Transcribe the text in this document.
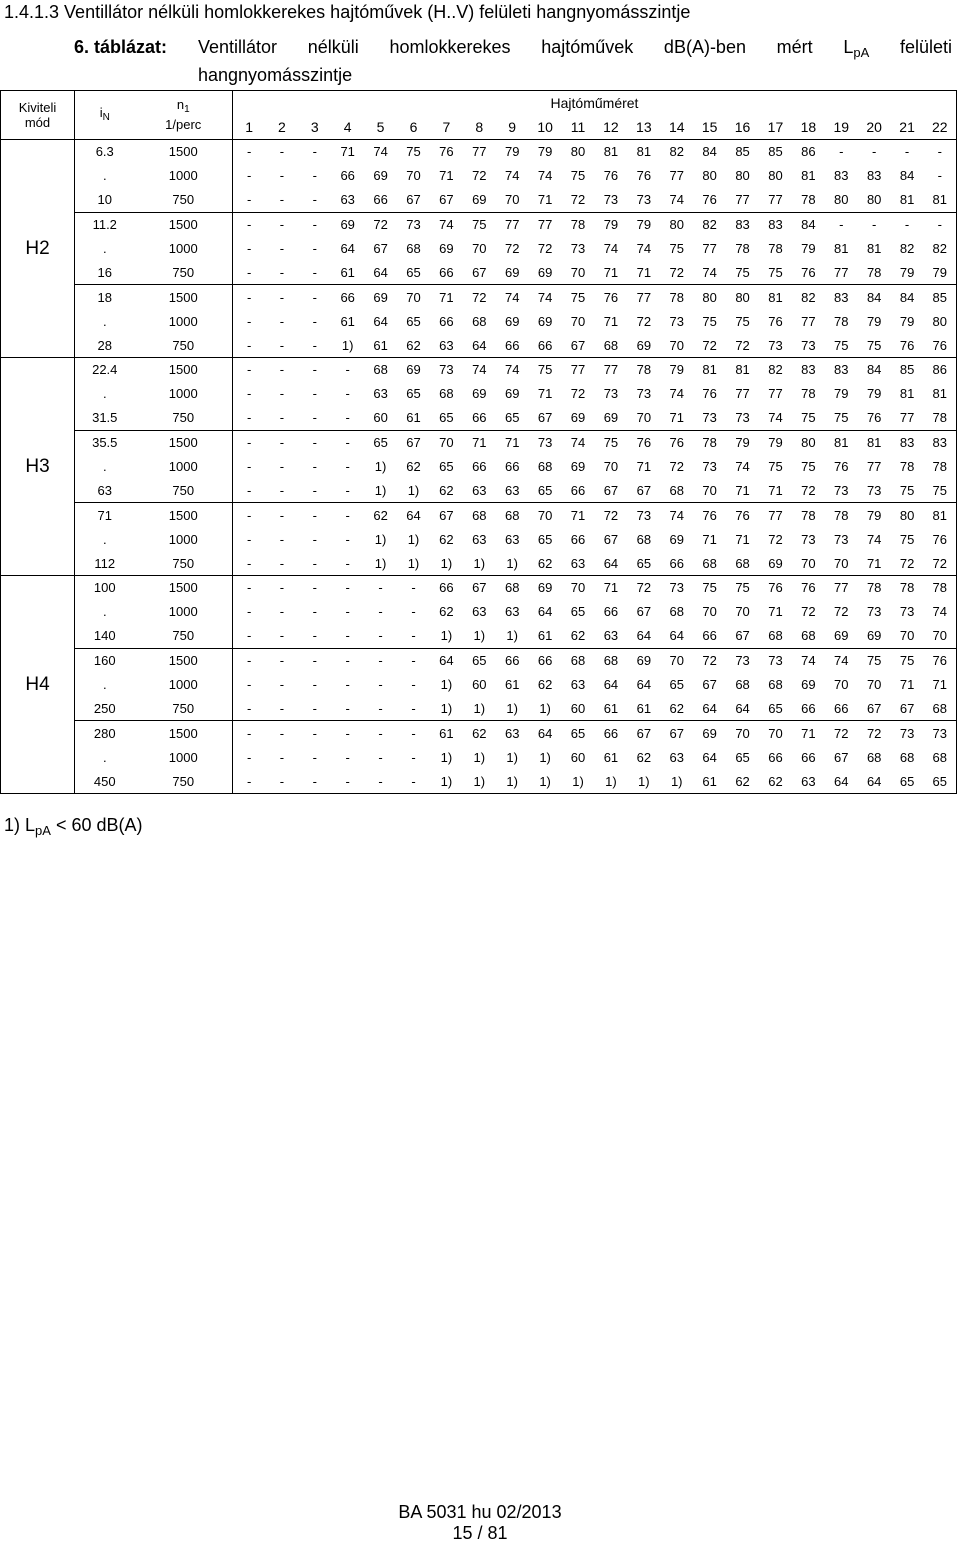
1.4.1.3 Ventillátor nélküli homlokkerekes hajtóművek (H..V) felületi hangnyomásszintje
6. táblázat: Ventillátor nélküli homlokkerekes hajtóművek dB(A)-ben mért $L_{pA}$ felületi
hangnyomásszintje
Kiviteli mód	$i_N$	$n_1$
1/perc	Hajtóműméret																					
			1	2	3	4	5	6	7	8	9	10	11	12	13	14	15	16	17	18	19	20	21	22
H2	6.3	1500	-	-	-	71	74	75	76	77	79	79	80	81	81	82	84	85	85	86	-	-	-	-
	.	1000	-	-	-	66	69	70	71	72	74	74	75	76	76	77	80	80	80	81	83	83	84	-
	10	750	-	-	-	63	66	67	67	69	70	71	72	73	73	74	76	77	77	78	80	80	81	81
	11.2	1500	-	-	-	69	72	73	74	75	77	77	78	79	79	80	82	83	83	84	-	-	-	-
	.	1000	-	-	-	64	67	68	69	70	72	72	73	74	74	75	77	78	78	79	81	81	82	82
	16	750	-	-	-	61	64	65	66	67	69	69	70	71	71	72	74	75	75	76	77	78	79	79
	18	1500	-	-	-	66	69	70	71	72	74	74	75	76	77	78	80	80	81	82	83	84	84	85
	.	1000	-	-	-	61	64	65	66	68	69	69	70	71	72	73	75	75	76	77	78	79	79	80
	28	750	-	-	-	1)	61	62	63	64	66	66	67	68	69	70	72	72	73	73	75	75	76	76
H3	22.4	1500	-	-	-	-	68	69	73	74	74	75	77	77	78	79	81	81	82	83	83	84	85	86
	.	1000	-	-	-	-	63	65	68	69	69	71	72	73	73	74	76	77	77	78	79	79	81	81
	31.5	750	-	-	-	-	60	61	65	66	65	67	69	69	70	71	73	73	74	75	75	76	77	78
	35.5	1500	-	-	-	-	65	67	70	71	71	73	74	75	76	76	78	79	79	80	81	81	83	83
	.	1000	-	-	-	-	1)	62	65	66	66	68	69	70	71	72	73	74	75	75	76	77	78	78
	63	750	-	-	-	-	1)	1)	62	63	63	65	66	67	67	68	70	71	71	72	73	73	75	75
	71	1500	-	-	-	-	62	64	67	68	68	70	71	72	73	74	76	76	77	78	78	79	80	81
	.	1000	-	-	-	-	1)	1)	62	63	63	65	66	67	68	69	71	71	72	73	73	74	75	76
	112	750	-	-	-	-	1)	1)	1)	1)	1)	62	63	64	65	66	68	68	69	70	70	71	72	72
H4	100	1500	-	-	-	-	-	-	66	67	68	69	70	71	72	73	75	75	76	76	77	78	78	78
	.	1000	-	-	-	-	-	-	62	63	63	64	65	66	67	68	70	70	71	72	72	73	73	74
	140	750	-	-	-	-	-	-	1)	1)	1)	61	62	63	64	64	66	67	68	68	69	69	70	70
	160	1500	-	-	-	-	-	-	64	65	66	66	68	68	69	70	72	73	73	74	74	75	75	76
	.	1000	-	-	-	-	-	-	1)	60	61	62	63	64	64	65	67	68	68	69	70	70	71	71
	250	750	-	-	-	-	-	-	1)	1)	1)	1)	60	61	61	62	64	64	65	66	66	67	67	68
	280	1500	-	-	-	-	-	-	61	62	63	64	65	66	67	67	69	70	70	71	72	72	73	73
	.	1000	-	-	-	-	-	-	1)	1)	1)	1)	60	61	62	63	64	65	66	66	67	68	68	68
	450	750	-	-	-	-	-	-	1)	1)	1)	1)	1)	1)	1)	1)	61	62	62	63	64	64	65	65
1) $L_{pA} < 60$ dB(A)
BA 5031 hu 02/2013
15 / 81
